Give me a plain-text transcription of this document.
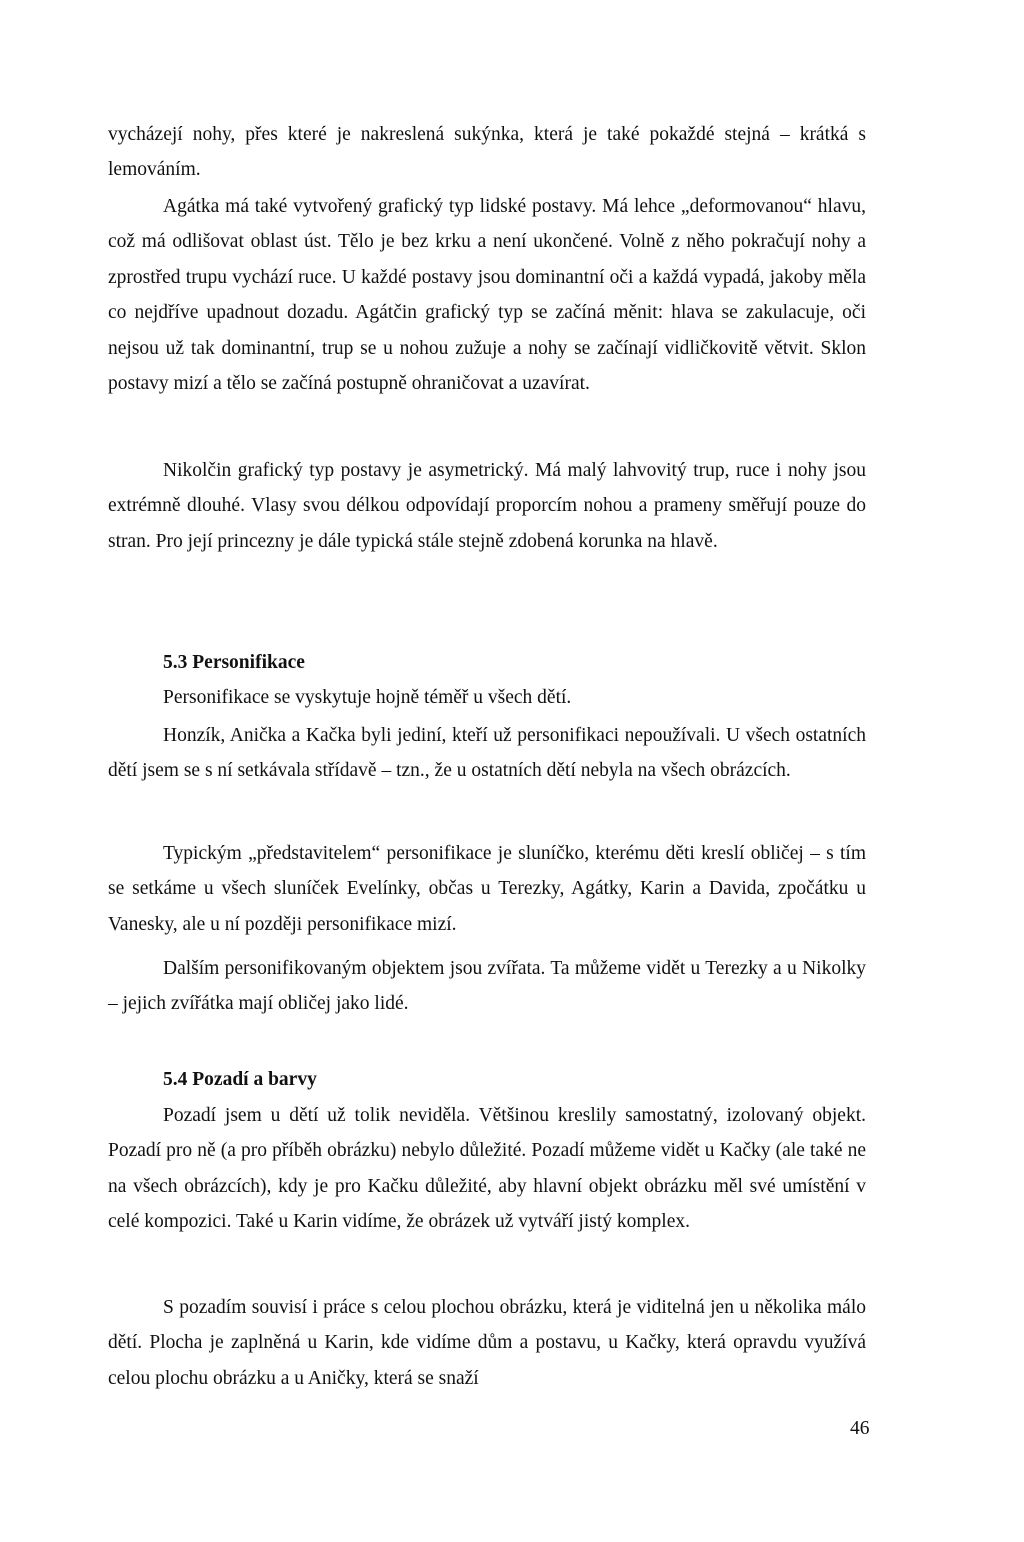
vycházejí nohy, přes které je nakreslená sukýnka, která je také pokaždé stejná – krátká s lemováním.

Agátka má také vytvořený grafický typ lidské postavy. Má lehce „deformovanou“ hlavu, což má odlišovat oblast úst. Tělo je bez krku a není ukončené. Volně z něho pokračují nohy a zprostřed trupu vychází ruce. U každé postavy jsou dominantní oči a každá vypadá, jakoby měla co nejdříve upadnout dozadu. Agátčin grafický typ se začíná měnit: hlava se zakulacuje, oči nejsou už tak dominantní, trup se u nohou zužuje a nohy se začínají vidličkovitě větvit. Sklon postavy mizí a tělo se začíná postupně ohraničovat a uzavírat.

Nikolčin grafický typ postavy je asymetrický. Má malý lahvovitý trup, ruce i nohy jsou extrémně dlouhé. Vlasy svou délkou odpovídají proporcím nohou a prameny směřují pouze do stran. Pro její princezny je dále typická stále stejně zdobená korunka na hlavě.

5.3 Personifikace

Personifikace se vyskytuje hojně téměř u všech dětí.

Honzík, Anička a Kačka byli jediní, kteří už personifikaci nepoužívali. U všech ostatních dětí jsem se s ní setkávala střídavě – tzn., že u ostatních dětí nebyla na všech obrázcích.

Typickým „představitelem“ personifikace je sluníčko, kterému děti kreslí obličej – s tím se setkáme u všech sluníček Evelínky, občas u Terezky, Agátky, Karin a Davida, zpočátku u Vanesky, ale u ní později personifikace mizí.

Dalším personifikovaným objektem jsou zvířata. Ta můžeme vidět u Terezky a u Nikolky – jejich zvířátka mají obličej jako lidé.

5.4 Pozadí a barvy

Pozadí jsem u dětí už tolik neviděla. Většinou kreslily samostatný, izolovaný objekt. Pozadí pro ně (a pro příběh obrázku) nebylo důležité. Pozadí můžeme vidět u Kačky (ale také ne na všech obrázcích), kdy je pro Kačku důležité, aby hlavní objekt obrázku měl své umístění v celé kompozici. Také u Karin vidíme, že obrázek už vytváří jistý komplex.

S pozadím souvisí i práce s celou plochou obrázku, která je viditelná jen u několika málo dětí. Plocha je zaplněná u Karin, kde vidíme dům a postavu, u Kačky, která opravdu využívá celou plochu obrázku a u Aničky, která se snaží

46
